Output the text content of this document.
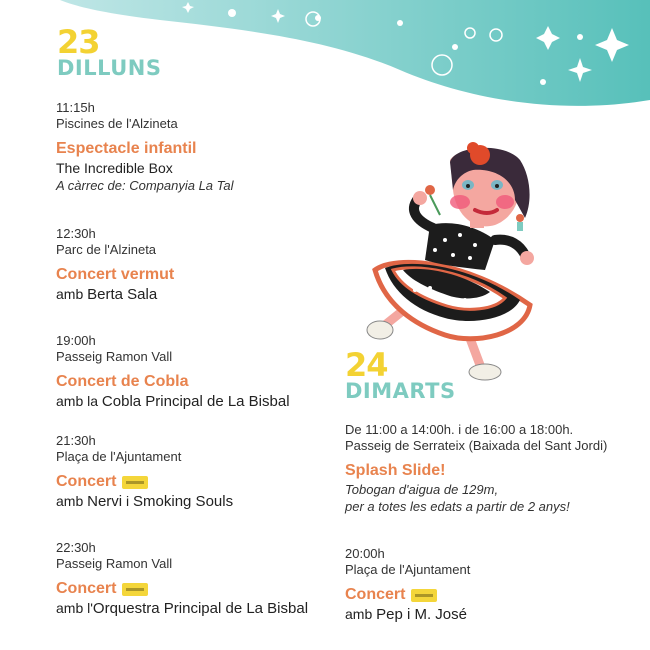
23
DILLUNS
11:15h
Piscines de l'Alzineta
Espectacle infantil
The Incredible Box
A càrrec de: Companyia La Tal
12:30h
Parc de l'Alzineta
Concert vermut
amb Berta Sala
19:00h
Passeig Ramon Vall
Concert de Cobla
amb la Cobla Principal de La Bisbal
21:30h
Plaça de l'Ajuntament
Concert
amb Nervi i Smoking Souls
22:30h
Passeig Ramon Vall
Concert
amb l'Orquestra Principal de La Bisbal
24
DIMARTS
De 11:00 a 14:00h. i de 16:00 a 18:00h.
Passeig de Serrateix (Baixada del Sant Jordi)
Splash Slide!
Tobogan d'aigua de 129m,
per a totes les edats a partir de 2 anys!
20:00h
Plaça de l'Ajuntament
Concert
amb Pep i M. José
